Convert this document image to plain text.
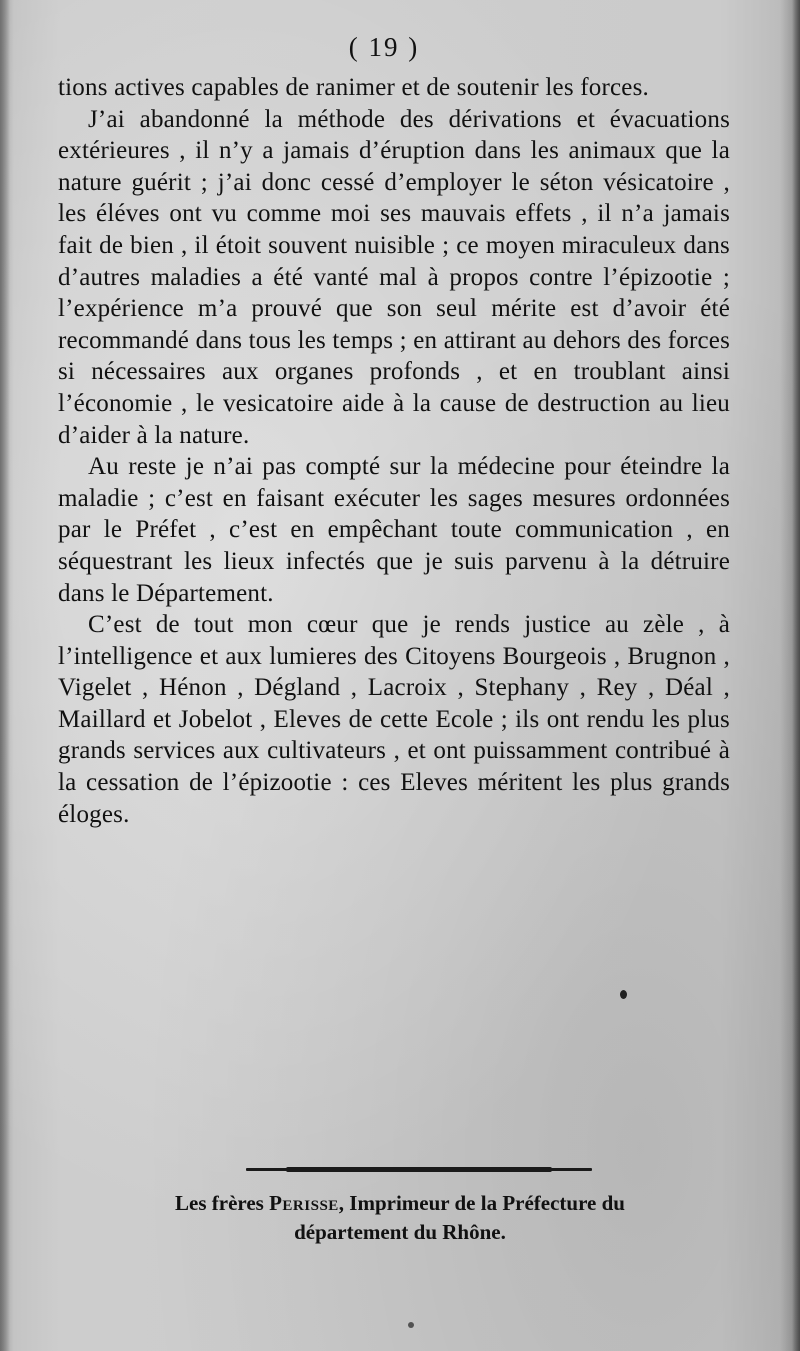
( 19 )

tions actives capables de ranimer et de soutenir les forces.

J’ai abandonné la méthode des dérivations et évacuations extérieures , il n’y a jamais d’éruption dans les animaux que la nature guérit ; j’ai donc cessé d’employer le séton vésicatoire , les éléves ont vu comme moi ses mauvais effets , il n’a jamais fait de bien , il étoit souvent nuisible ; ce moyen miraculeux dans d’autres maladies a été vanté mal à propos contre l’épizootie ; l’expérience m’a prouvé que son seul mérite est d’avoir été recommandé dans tous les temps ; en attirant au dehors des forces si nécessaires aux organes profonds , et en troublant ainsi l’économie , le vesicatoire aide à la cause de destruction au lieu d’aider à la nature.

Au reste je n’ai pas compté sur la médecine pour éteindre la maladie ; c’est en faisant exécuter les sages mesures ordonnées par le Préfet , c’est en empêchant toute communication , en séquestrant les lieux infectés que je suis parvenu à la détruire dans le Département.

C’est de tout mon cœur que je rends justice au zèle , à l’intelligence et aux lumieres des Citoyens Bourgeois , Brugnon , Vigelet , Hénon , Dégland , Lacroix , Stephany , Rey , Déal , Maillard et Jobelot , Eleves de cette Ecole ; ils ont rendu les plus grands services aux cultivateurs , et ont puissamment contribué à la cessation de l’épizootie : ces Eleves méritent les plus grands éloges.

Les frères Perisse, Imprimeur de la Préfecture du
département du Rhône.
